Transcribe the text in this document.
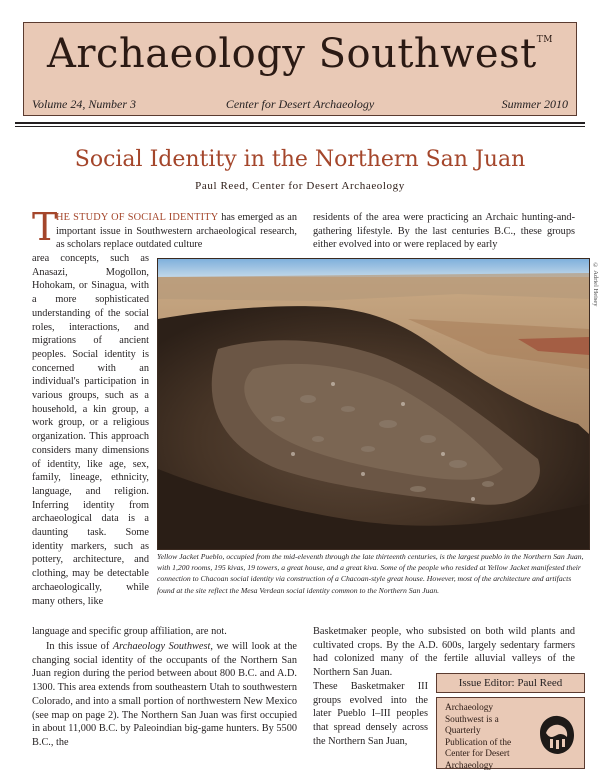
Archaeology Southwest™
Volume 24, Number 3	Center for Desert Archaeology	Summer 2010
Social Identity in the Northern San Juan
Paul Reed, Center for Desert Archaeology
T
HE STUDY OF SOCIAL IDENTITY has emerged as an important issue in Southwestern archaeological research, as scholars replace outdated culture
area concepts, such as Anasazi, Mogollon, Hohokam, or Sinagua, with a more sophisticated understanding of the social roles, interactions, and migrations of ancient peoples. Social identity is concerned with an individual's participation in various groups, such as a household, a kin group, a work group, or a religious organization. This approach considers many dimensions of identity, like age, sex, family, lineage, ethnicity, language, and religion. Inferring identity from archaeological data is a daunting task. Some identity markers, such as pottery, architecture, and clothing, may be detectable archaeologically, while many others, like
language and specific group affiliation, are not.
In this issue of Archaeology Southwest, we will look at the changing social identity of the occupants of the Northern San Juan region during the period between about 800 B.C. and A.D. 1300. This area extends from southeastern Utah to southwestern Colorado, and into a small portion of northwestern New Mexico (see map on page 2). The Northern San Juan was first occupied in about 11,000 B.C. by Paleoindian big-game hunters. By 5500 B.C., the
residents of the area were practicing an Archaic hunting-and-gathering lifestyle. By the last centuries B.C., these groups either evolved into or were replaced by early
Basketmaker people, who subsisted on both wild plants and cultivated crops. By the A.D. 600s, largely sedentary farmers had colonized many of the fertile alluvial valleys of the Northern San Juan.
These Basketmaker III groups evolved into the later Pueblo I–III peoples that spread densely across the Northern San Juan,
© Adriel Heisey
Yellow Jacket Pueblo, occupied from the mid-eleventh through the late thirteenth centuries, is the largest pueblo in the Northern San Juan, with 1,200 rooms, 195 kivas, 19 towers, a great house, and a great kiva. Some of the people who resided at Yellow Jacket manifested their connection to Chacoan social identity via construction of a Chacoan-style great house. However, most of the architecture and artifacts found at the site reflect the Mesa Verdean social identity common to the Northern San Juan.
Issue Editor: Paul Reed
Archaeology Southwest is a Quarterly Publication of the Center for Desert Archaeology
